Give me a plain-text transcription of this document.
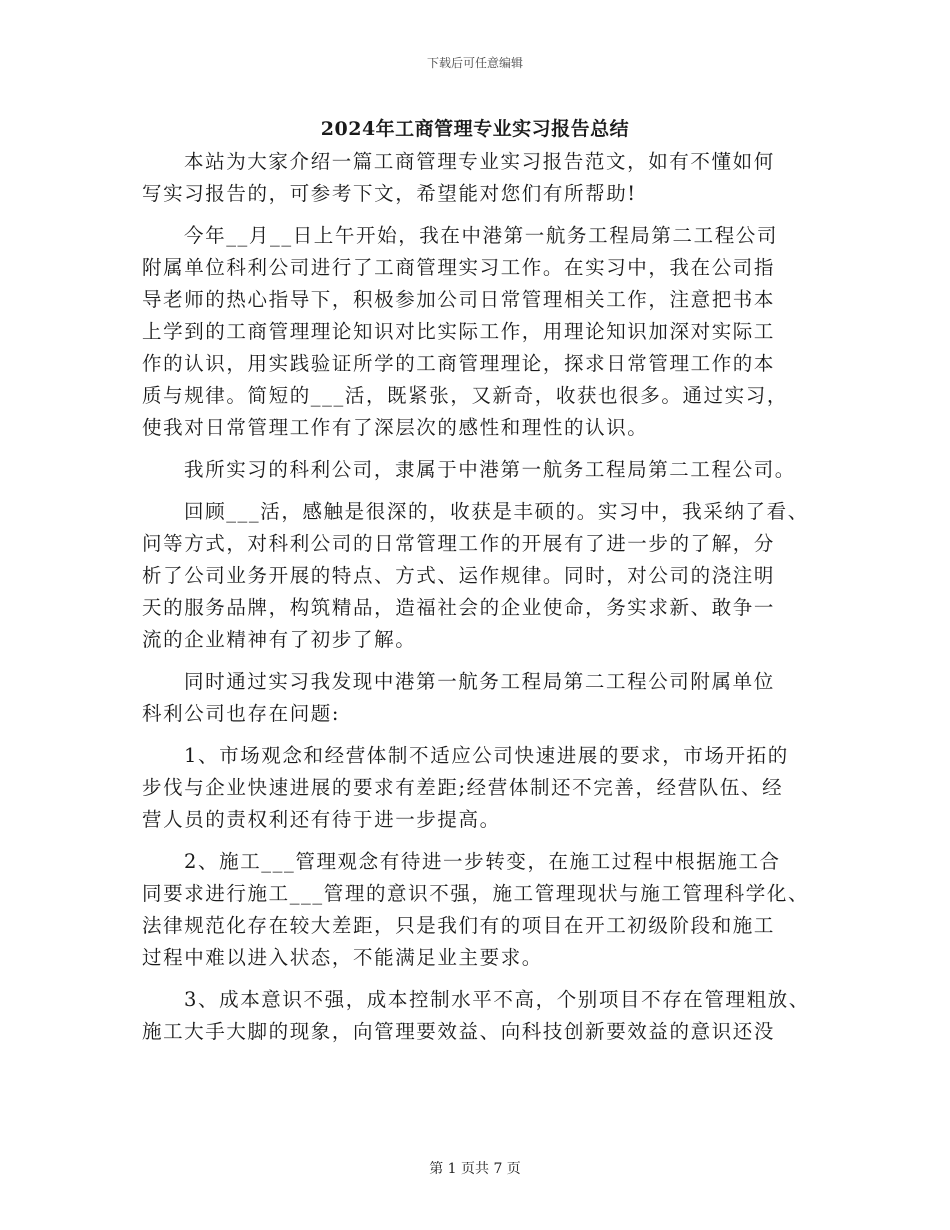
下载后可任意编辑
2024年工商管理专业实习报告总结
本站为大家介绍一篇工商管理专业实习报告范文，如有不懂如何
写实习报告的，可参考下文，希望能对您们有所帮助!
今年__月__日上午开始，我在中港第一航务工程局第二工程公司
附属单位科利公司进行了工商管理实习工作。在实习中，我在公司指
导老师的热心指导下，积极参加公司日常管理相关工作，注意把书本
上学到的工商管理理论知识对比实际工作，用理论知识加深对实际工
作的认识，用实践验证所学的工商管理理论，探求日常管理工作的本
质与规律。简短的___活，既紧张，又新奇，收获也很多。通过实习，
使我对日常管理工作有了深层次的感性和理性的认识。
我所实习的科利公司，隶属于中港第一航务工程局第二工程公司。
回顾___活，感触是很深的，收获是丰硕的。实习中，我采纳了看、
问等方式，对科利公司的日常管理工作的开展有了进一步的了解，分
析了公司业务开展的特点、方式、运作规律。同时，对公司的浇注明
天的服务品牌，构筑精品，造福社会的企业使命，务实求新、敢争一
流的企业精神有了初步了解。
同时通过实习我发现中港第一航务工程局第二工程公司附属单位
科利公司也存在问题:
1、市场观念和经营体制不适应公司快速进展的要求，市场开拓的
步伐与企业快速进展的要求有差距;经营体制还不完善，经营队伍、经
营人员的责权利还有待于进一步提高。
2、施工___管理观念有待进一步转变，在施工过程中根据施工合
同要求进行施工___管理的意识不强，施工管理现状与施工管理科学化、
法律规范化存在较大差距，只是我们有的项目在开工初级阶段和施工
过程中难以进入状态，不能满足业主要求。
3、成本意识不强，成本控制水平不高，个别项目不存在管理粗放、
施工大手大脚的现象，向管理要效益、向科技创新要效益的意识还没
第 1 页共 7 页
